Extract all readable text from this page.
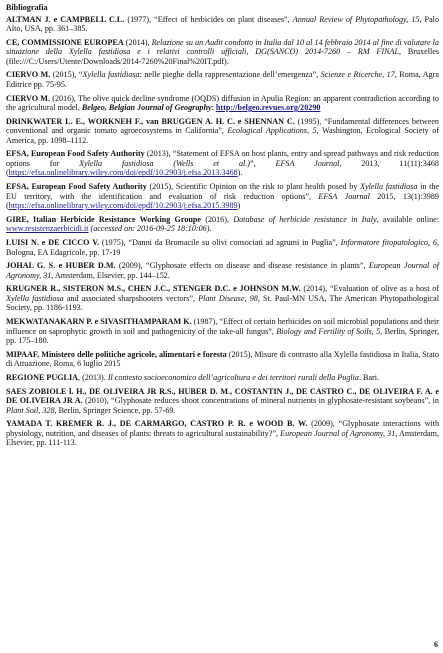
Bibliografia
ALTMAN J. e CAMPBELL C.L. (1977), “Effect of herbicides on plant diseases”, Annual Review of Phytopathology, 15, Palo Alto, USA, pp. 361–385.
CE, COMMISSIONE EUROPEA (2014), Relazione su un Audit condotto in Italia dal 10 al 14 febbraio 2014 al fine di valutare la situazione della Xylella fastidiosa e i relativi controlli ufficiali, DG(SANCO) 2014-7260 – RM FINAL, Bruxelles (file:///C:/Users/Utente/Downloads/2014-7260%20Final%20IT.pdf).
CIERVO M. (2015), “Xylella fastidiosa: nelle pieghe della rappresentazione dell’emergenza”, Scienze e Ricerche, 17, Roma, Agra Editrice pp. 75-95.
CIERVO M. (2016), The olive quick decline syndrome (OQDS) diffusion in Apulia Region: an apparent contradiction according to the agricultural model, Belgeo, Belgian Journal of Geography: http://belgeo.revues.org/20290
DRINKWATER L. E., WORKNEH F., van BRUGGEN A. H. C. e SHENNAN C. (1995), “Fundamental differences between conventional and organic tomato agroecosystems in California”, Ecological Applications, 5, Washington, Ecological Society of America, pp. 1098–1112.
EFSA, European Food Safety Authority (2013), “Statement of EFSA on host plants, entry and spread pathways and risk reduction options for Xylella fastidiosa (Wells et al.)”, EFSA Journal, 2013, 11(11):3468 (https://efsa.onlinelibrary.wiley.com/doi/epdf/10.2903/j.efsa.2013.3468).
EFSA, European Food Safety Authority (2015), Scientific Opinion on the risk to plant health posed by Xylella fastidiosa in the EU territory, with the identification and evaluation of risk reduction options”, EFSA Journal 2015, 13(1):3989 (https://efsa.onlinelibrary.wiley.com/doi/epdf/10.2903/j.efsa.2015.3989)
GIRE, Italian Herbicide Resistance Working Groupe (2016), Database of herbicide resistance in Italy, available online: www.resistenzaerbicidi.it (accessed on: 2016-09-25 18:10:06).
LUISI N. e DE CICCO V. (1975), “Danni da Bromacile su olivi consociati ad agrumi in Puglia”, Informatore fitopatologico, 6, Bologna, EA Edagricole, pp. 17-19
JOHAL G. S. e HUBER D.M. (2009), “Glyphosate effects on disease and disease resistance in plants”, European Journal of Agronomy, 31, Amsterdam, Elsevier, pp. 144–152.
KRUGNER R., SISTERON M.S., CHEN J.C., STENGER D.C. e JOHNSON M.W. (2014), “Evaluation of olive as a host of Xylella fastidiosa and associated sharpshooters vectors”, Plant Disease, 98, St. Paul-MN USA, The American Phytopathological Society, pp. 1186-1193.
MEKWATANAKARN P. e SIVASITHAMPARAM K. (1987), “Effect of certain herbicides on soil microbial populations and their influence on saprophytic growth in soil and pathogenicity of the take-all fungus”, Biology and Fertility of Soils, 5, Berlin, Springer, pp. 175–180.
MIPAAF, Ministero delle politiche agricole, alimentari e foresta (2015), Misure di contrasto alla Xylella fastidiosa in Italia, Stato di Attuazione, Roma, 6 luglio 2015
REGIONE PUGLIA, (2013). Il contesto socioeconomico dell’agricoltura e dei territori rurali della Puglia. Bari.
SAES ZOBIOLE l. H., DE OLIVEIRA JR R.S., HUBER D. M., COSTANTIN J., DE CASTRO C., DE OLIVEIRA F. A. e DE OLIVEIRA JR A. (2010), “Glyphosate reduces shoot concentrations of mineral nutrients in glyphosate-resistant soybeans”, in Plant Soil, 328, Berlin, Springer Science, pp. 57-69.
YAMADA T. KREMER R. J., DE CARMARGO, CASTRO P. R. e WOOD B. W. (2009), “Glyphosate interactions with physiology, nutrition, and diseases of plants: threats to agricultural sustainability?”, European Journal of Agronomy, 31, Amsterdam, Elsevier, pp. 111-113.
6
